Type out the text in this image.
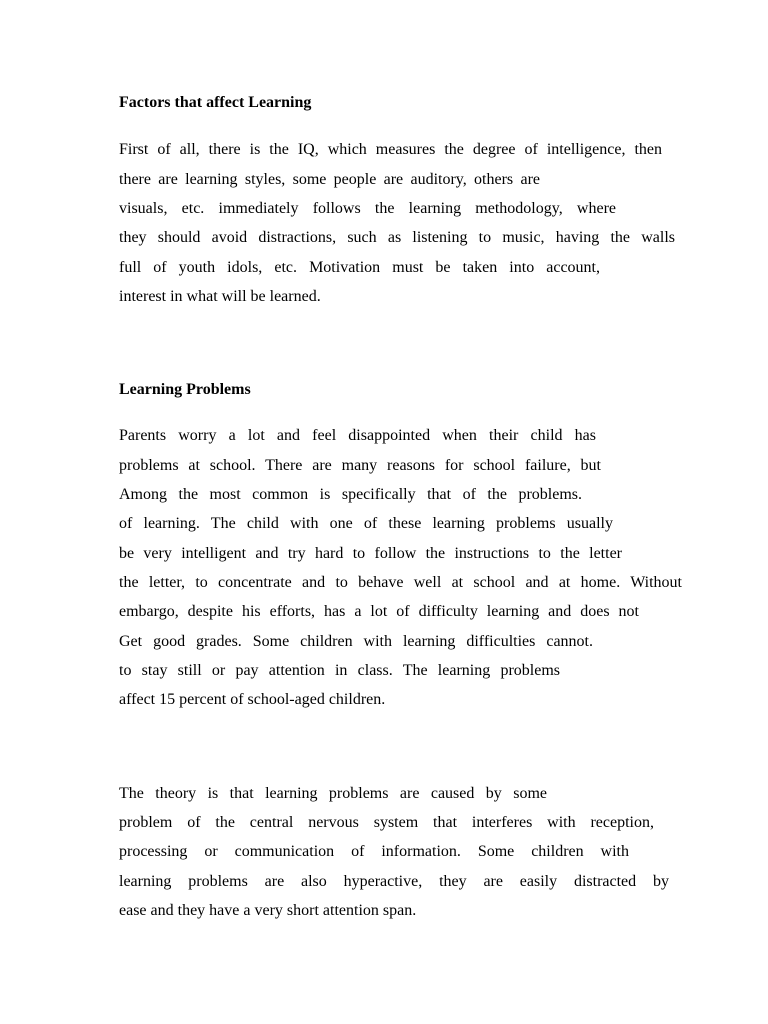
Factors that affect Learning

First of all, there is the IQ, which measures the degree of intelligence, then

there are learning styles, some people are auditory, others are

visuals, etc. immediately follows the learning methodology, where

they should avoid distractions, such as listening to music, having the walls

full of youth idols, etc. Motivation must be taken into account,

interest in what will be learned.

Learning Problems

Parents worry a lot and feel disappointed when their child has

problems at school. There are many reasons for school failure, but

Among the most common is specifically that of the problems.

of learning. The child with one of these learning problems usually

be very intelligent and try hard to follow the instructions to the letter

the letter, to concentrate and to behave well at school and at home. Without

embargo, despite his efforts, has a lot of difficulty learning and does not

Get good grades. Some children with learning difficulties cannot.

to stay still or pay attention in class. The learning problems

affect 15 percent of school-aged children.

The theory is that learning problems are caused by some

problem of the central nervous system that interferes with reception,

processing or communication of information. Some children with

learning problems are also hyperactive, they are easily distracted by

ease and they have a very short attention span.
